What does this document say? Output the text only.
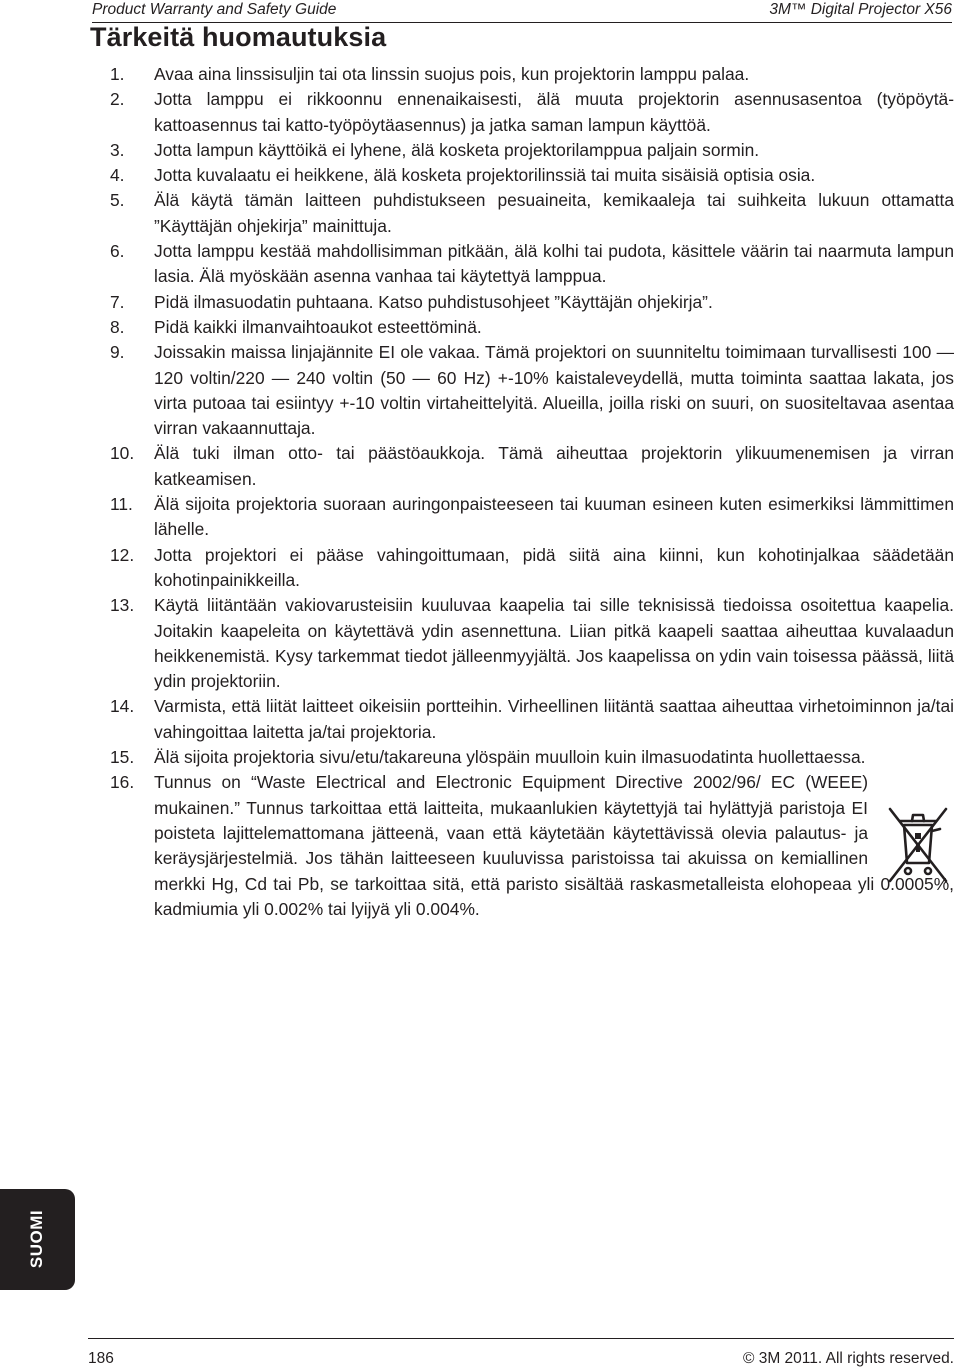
Product Warranty and Safety Guide	3M™ Digital Projector X56
Tärkeitä huomautuksia
1. Avaa aina linssisuljin tai ota linssin suojus pois, kun projektorin lamppu palaa.
2. Jotta lamppu ei rikkoonnu ennenaikaisesti, älä muuta projektorin asennusasentoa (työpöytä-kattoasennus tai katto-työpöytäasennus) ja jatka saman lampun käyttöä.
3. Jotta lampun käyttöikä ei lyhene, älä kosketa projektorilamppua paljain sormin.
4. Jotta kuvalaatu ei heikkene, älä kosketa projektorilinssiä tai muita sisäisiä optisia osia.
5. Älä käytä tämän laitteen puhdistukseen pesuaineita, kemikaaleja tai suihkeita lukuun ottamatta ”Käyttäjän ohjekirja” mainittuja.
6. Jotta lamppu kestää mahdollisimman pitkään, älä kolhi tai pudota, käsittele väärin tai naarmuta lampun lasia. Älä myöskään asenna vanhaa tai käytettyä lamppua.
7. Pidä ilmasuodatin puhtaana. Katso puhdistusohjeet ”Käyttäjän ohjekirja”.
8. Pidä kaikki ilmanvaihtoaukot esteettöminä.
9. Joissakin maissa linjajännite EI ole vakaa. Tämä projektori on suunniteltu toimimaan turvallisesti 100 — 120 voltin/220 — 240 voltin (50 — 60 Hz) +-10% kaistaleveydellä, mutta toiminta saattaa lakata, jos virta putoaa tai esiintyy +-10 voltin virtaheittelyitä. Alueilla, joilla riski on suuri, on suositeltavaa asentaa virran vakaannuttaja.
10. Älä tuki ilman otto- tai päästöaukkoja. Tämä aiheuttaa projektorin ylikuumenemisen ja virran katkeamisen.
11. Älä sijoita projektoria suoraan auringonpaisteeseen tai kuuman esineen kuten esimerkiksi lämmittimen lähelle.
12. Jotta projektori ei pääse vahingoittumaan, pidä siitä aina kiinni, kun kohotinjalkaa säädetään kohotinpainikkeilla.
13. Käytä liitäntään vakiovarusteisiin kuuluvaa kaapelia tai sille teknisissä tiedoissa osoitettua kaapelia. Joitakin kaapeleita on käytettävä ydin asennettuna. Liian pitkä kaapeli saattaa aiheuttaa kuvalaadun heikkenemistä. Kysy tarkemmat tiedot jälleenmyyjältä. Jos kaapelissa on ydin vain toisessa päässä, liitä ydin projektoriin.
14. Varmista, että liität laitteet oikeisiin portteihin. Virheellinen liitäntä saattaa aiheuttaa virhetoiminnon ja/tai vahingoittaa laitetta ja/tai projektoria.
15. Älä sijoita projektoria sivu/etu/takareuna ylöspäin muulloin kuin ilmasuodatinta huollettaessa.
16. Tunnus on “Waste Electrical and Electronic Equipment Directive 2002/96/ EC (WEEE) mukainen.” Tunnus tarkoittaa että laitteita, mukaanlukien käytettyjä tai hylättyjä paristoja EI poisteta lajittelemattomana jätteenä, vaan että käytetään käytettävissä olevia palautus- ja keräysjärjestelmiä. Jos tähän laitteeseen kuuluvissa paristoissa tai akuissa on kemiallinen merkki Hg, Cd tai Pb, se tarkoittaa sitä, että paristo sisältää raskasmetalleista elohopeaa yli 0.0005%, kadmiumia yli 0.002% tai lyijyä yli 0.004%.
SUOMI
186	© 3M 2011. All rights reserved.
